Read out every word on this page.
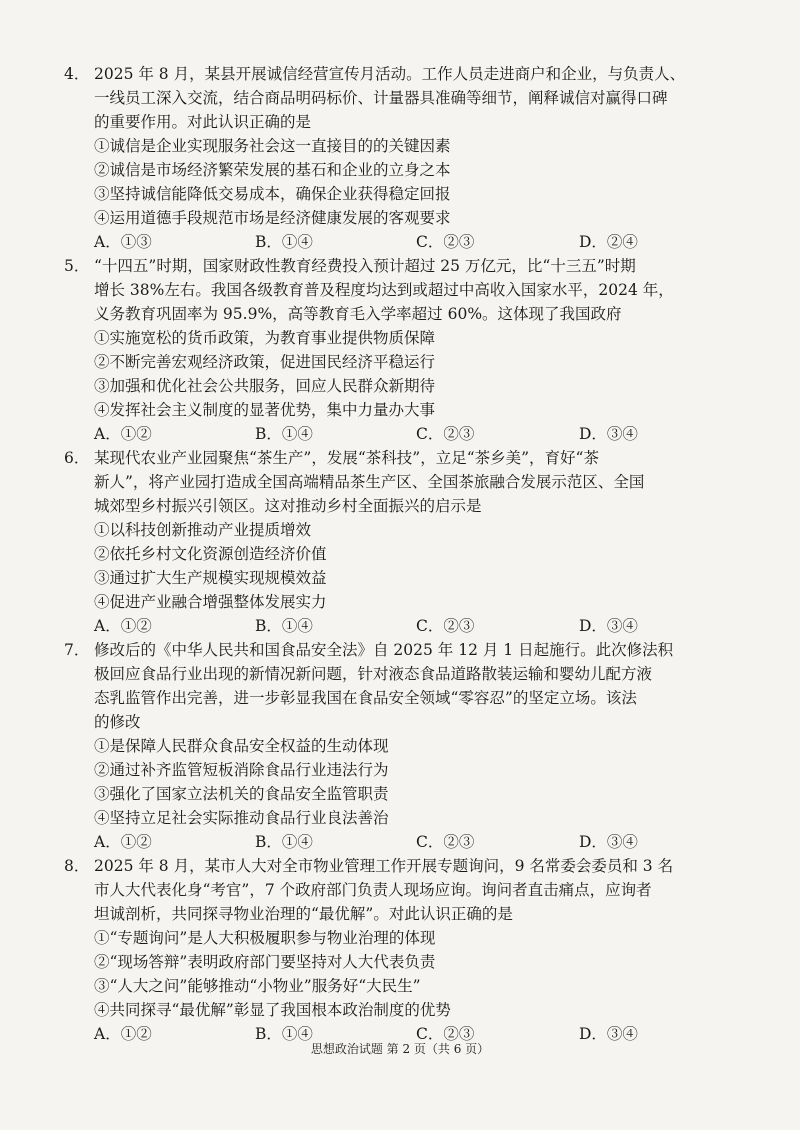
4． 2025 年 8 月，某县开展诚信经营宣传月活动。工作人员走进商户和企业，与负责人、
一线员工深入交流，结合商品明码标价、计量器具准确等细节，阐释诚信对赢得口碑
的重要作用。对此认识正确的是
①诚信是企业实现服务社会这一直接目的的关键因素
②诚信是市场经济繁荣发展的基石和企业的立身之本
③坚持诚信能降低交易成本，确保企业获得稳定回报
④运用道德手段规范市场是经济健康发展的客观要求
A．①③	B．①④	C．②③	D．②④
5． “十四五”时期，国家财政性教育经费投入预计超过 25 万亿元，比“十三五”时期
增长 38%左右。我国各级教育普及程度均达到或超过中高收入国家水平，2024 年，
义务教育巩固率为 95.9%，高等教育毛入学率超过 60%。这体现了我国政府
①实施宽松的货币政策，为教育事业提供物质保障
②不断完善宏观经济政策，促进国民经济平稳运行
③加强和优化社会公共服务，回应人民群众新期待
④发挥社会主义制度的显著优势，集中力量办大事
A．①②	B．①④	C．②③	D．③④
6． 某现代农业产业园聚焦“茶生产”，发展“茶科技”，立足“茶乡美”，育好“茶
新人”，将产业园打造成全国高端精品茶生产区、全国茶旅融合发展示范区、全国
城郊型乡村振兴引领区。这对推动乡村全面振兴的启示是
①以科技创新推动产业提质增效
②依托乡村文化资源创造经济价值
③通过扩大生产规模实现规模效益
④促进产业融合增强整体发展实力
A．①②	B．①④	C．②③	D．③④
7． 修改后的《中华人民共和国食品安全法》自 2025 年 12 月 1 日起施行。此次修法积
极回应食品行业出现的新情况新问题，针对液态食品道路散装运输和婴幼儿配方液
态乳监管作出完善，进一步彰显我国在食品安全领域“零容忍”的坚定立场。该法
的修改
①是保障人民群众食品安全权益的生动体现
②通过补齐监管短板消除食品行业违法行为
③强化了国家立法机关的食品安全监管职责
④坚持立足社会实际推动食品行业良法善治
A．①②	B．①④	C．②③	D．③④
8． 2025 年 8 月，某市人大对全市物业管理工作开展专题询问，9 名常委会委员和 3 名
市人大代表化身“考官”，7 个政府部门负责人现场应询。询问者直击痛点，应询者
坦诚剖析，共同探寻物业治理的“最优解”。对此认识正确的是
①“专题询问”是人大积极履职参与物业治理的体现
②“现场答辩”表明政府部门要坚持对人大代表负责
③“人大之问”能够推动“小物业”服务好“大民生”
④共同探寻“最优解”彰显了我国根本政治制度的优势
A．①②	B．①④	C．②③	D．③④
思想政治试题 第 2 页（共 6 页）
